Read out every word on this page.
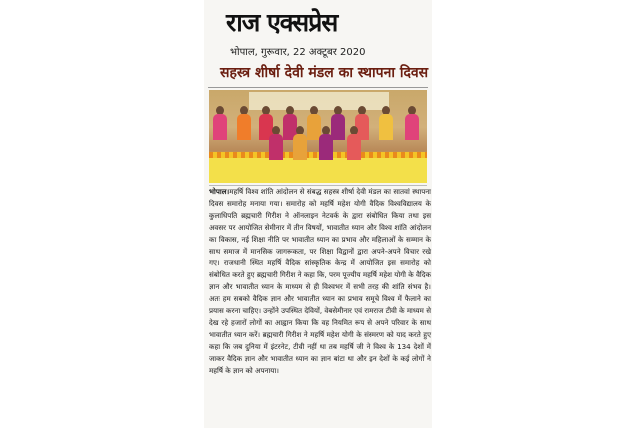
राज एक्सप्रेस
भोपाल, गुरूवार, 22 अक्टूबर 2020
सहस्त्र शीर्षा देवी मंडल का स्थापना दिवस
भोपाल।महर्षि विश्व शांति आंदोलन से संबद्ध सहस्त्र शीर्षा देवी मंडल का सातवां स्थापना दिवस समारोह मनाया गया। समारोह को महर्षि महेश योगी वैदिक विश्वविद्यालय के कुलाधिपति ब्रह्मचारी गिरीश ने ऑनलाइन नेटवर्क के द्वारा संबोधित किया तथा इस अवसर पर आयोजित सेमीनार में तीन विषयों, भावातीत ध्यान और विश्व शांति आंदोलन का विकास, नई शिक्षा नीति पर भावातीत ध्यान का प्रभाव और महिलाओं के सम्मान के साथ समाज में मानसिक जागरूकता, पर शिक्षा विद्वानों द्वारा अपने-अपने विचार रखे गए। राजधानी स्थित महर्षि वैदिक सांस्कृतिक केन्द्र में आयोजित इस समारोह को संबोधित करते हुए ब्रह्मचारी गिरीश ने कहा कि, परम पूज्यीय महर्षि महेश योगी के वैदिक ज्ञान और भावातीत ध्यान के माध्यम से ही विश्वभर में सभी तरह की शांति संभव है। अतः हम सबको वैदिक ज्ञान और भावातीत ध्यान का प्रभाव समूचे विश्व में फैलाने का प्रयास करना चाहिए। उन्होंने उपस्थित देवियों, वेबसेमीनार एवं रामराज टीवी के माध्यम से देख रहे हजारों लोगों का आह्वान किया कि वह नियमित रूप से अपने परिवार के साथ भावातीत ध्यान करें। ब्रह्मचारी गिरीश ने महर्षि महेश योगी के संस्मरण को याद करते हुए कहा कि जब दुनिया में इंटरनेट, टीवी नहीं था तब महर्षि जी ने विश्व के 134 देशों में जाकर वैदिक ज्ञान और भावातीत ध्यान का ज्ञान बांटा था और इन देशों के कई लोगों ने महर्षि के ज्ञान को अपनाया।
